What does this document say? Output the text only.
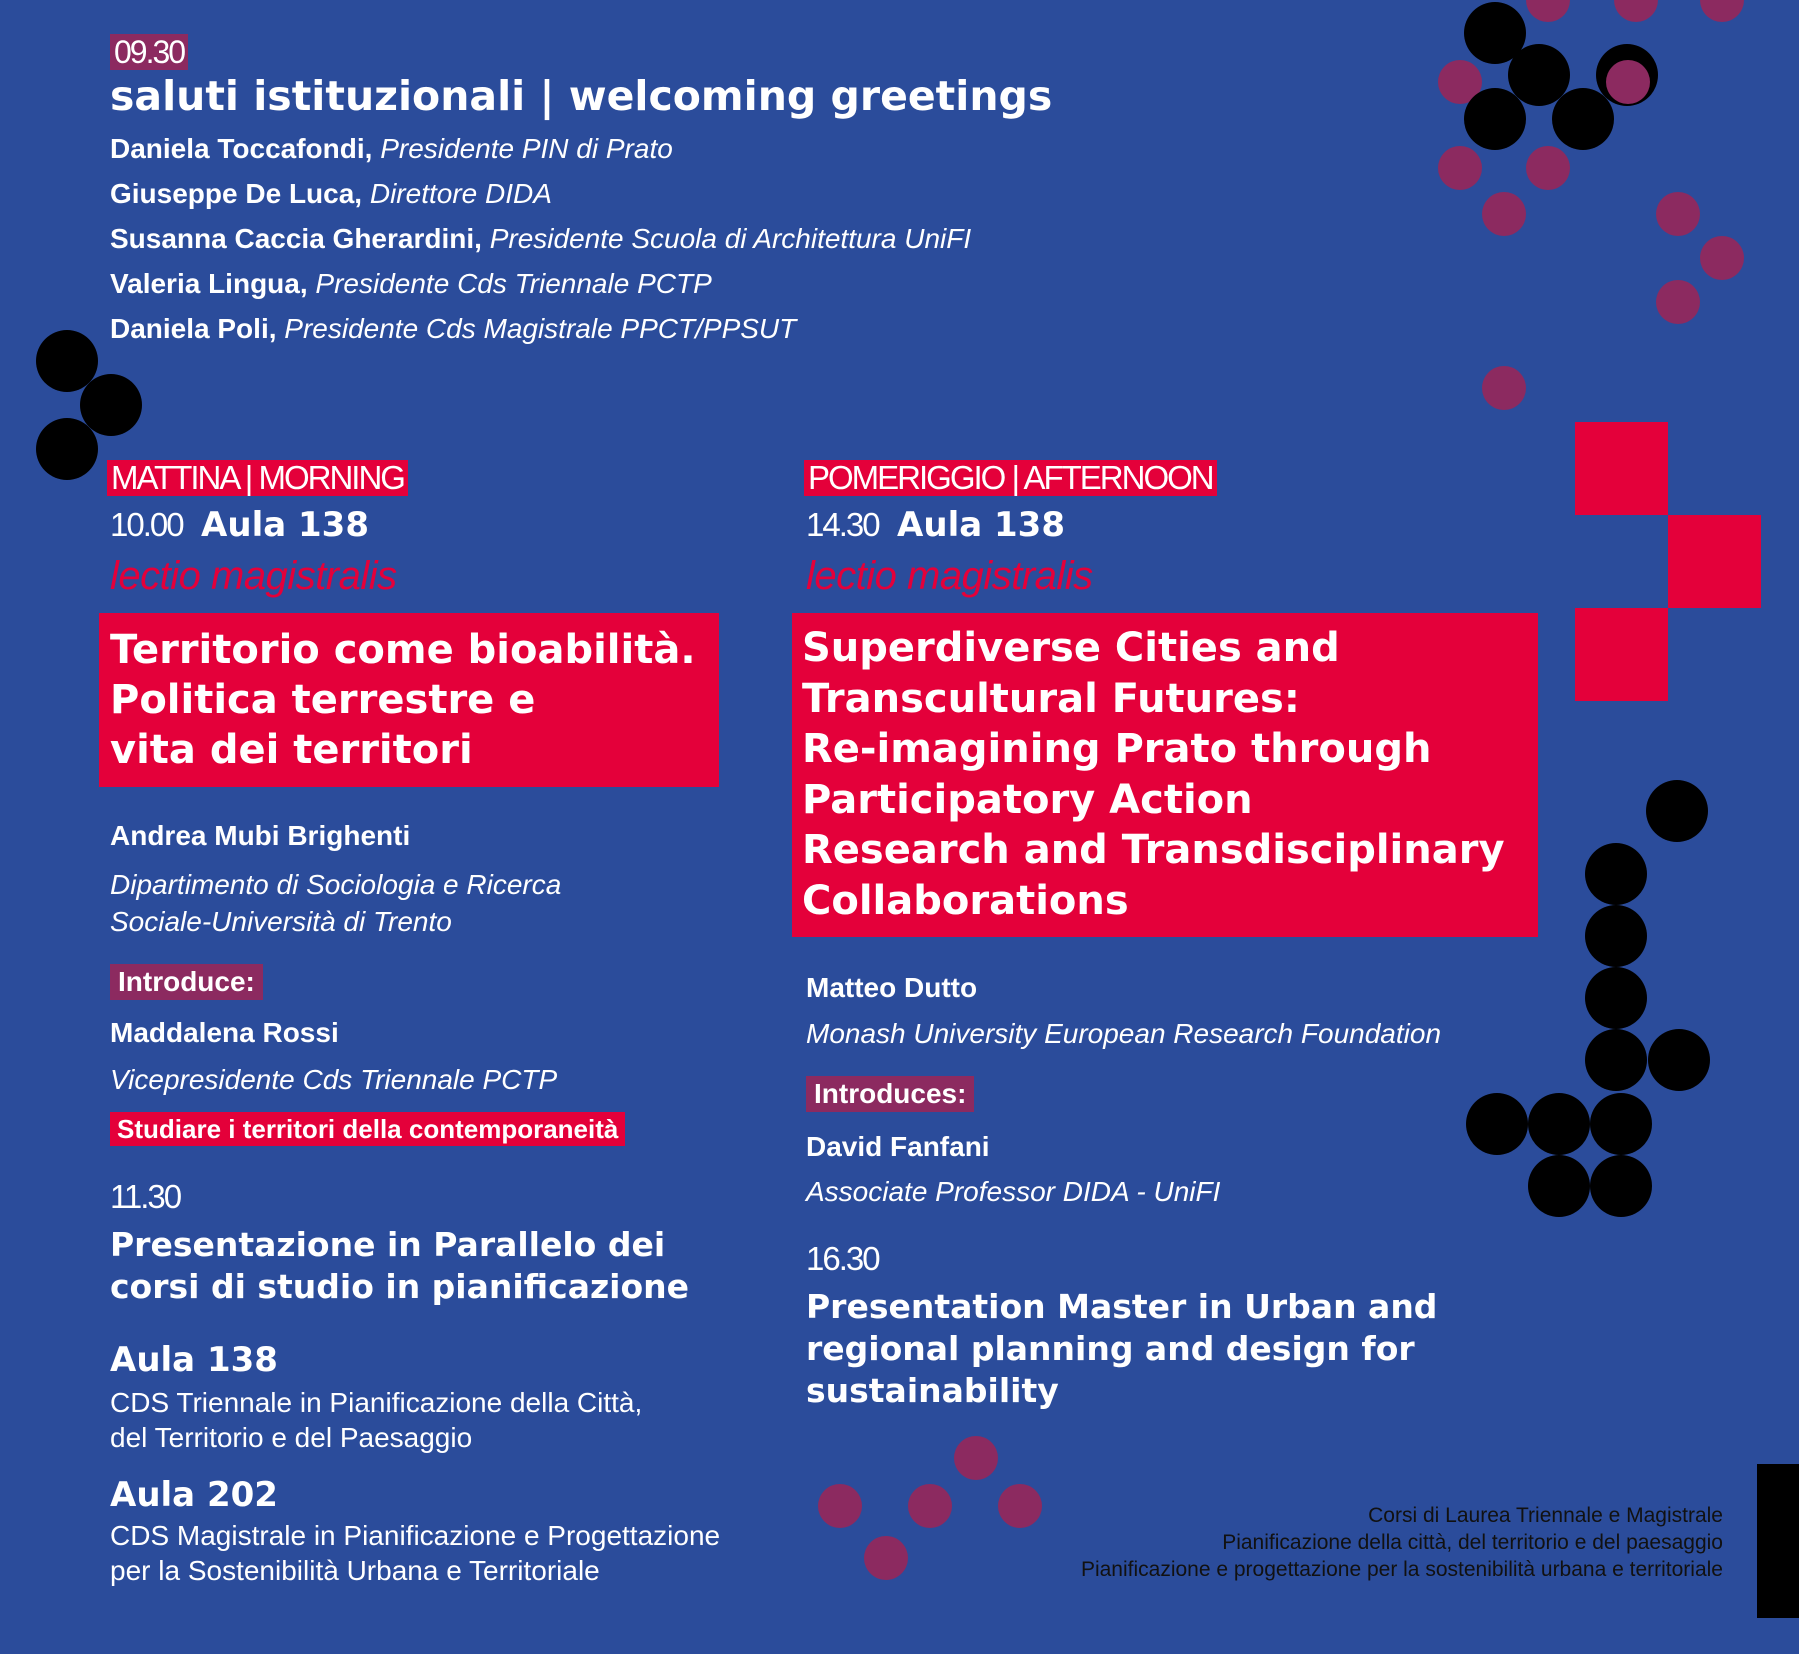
09.30
saluti istituzionali | welcoming greetings
Daniela Toccafondi, Presidente PIN di Prato
Giuseppe De Luca, Direttore DIDA
Susanna Caccia Gherardini, Presidente Scuola di Architettura UniFI
Valeria Lingua, Presidente Cds Triennale PCTP
Daniela Poli, Presidente Cds Magistrale PPCT/PPSUT
MATTINA | MORNING
10.00 Aula 138
lectio magistralis
Territorio come bioabilità.
Politica terrestre e
vita dei territori
Andrea Mubi Brighenti
Dipartimento di Sociologia e Ricerca
Sociale-Università di Trento
Introduce:
Maddalena Rossi
Vicepresidente Cds Triennale PCTP
Studiare i territori della contemporaneità
11.30
Presentazione in Parallelo dei
corsi di studio in pianificazione
Aula 138
CDS Triennale in Pianificazione della Città,
del Territorio e del Paesaggio
Aula 202
CDS Magistrale in Pianificazione e Progettazione
per la Sostenibilità Urbana e Territoriale
POMERIGGIO | AFTERNOON
14.30 Aula 138
lectio magistralis
Superdiverse Cities and
Transcultural Futures:
Re-imagining Prato through
Participatory Action
Research and Transdisciplinary
Collaborations
Matteo Dutto
Monash University European Research Foundation
Introduces:
David Fanfani
Associate Professor DIDA - UniFI
16.30
Presentation Master in Urban and
regional planning and design for
sustainability
Corsi di Laurea Triennale e Magistrale
Pianificazione della città, del territorio e del paesaggio
Pianificazione e progettazione per la sostenibilità urbana e territoriale
